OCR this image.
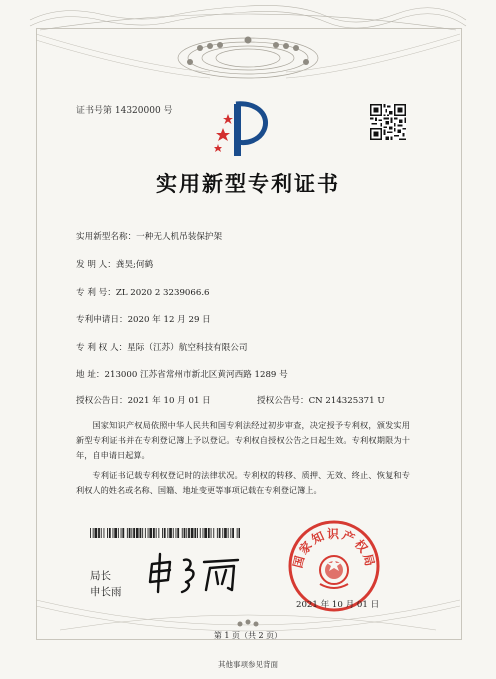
证书号第 14320000 号
实用新型专利证书
实用新型名称：一种无人机吊装保护架
发 明 人：龚昊;何鹤
专 利 号：ZL 2020 2 3239066.6
专利申请日：2020 年 12 月 29 日
专 利 权 人：星际（江苏）航空科技有限公司
地 址：213000 江苏省常州市新北区黄河西路 1289 号
授权公告日：2021 年 10 月 01 日	授权公告号：CN 214325371 U

国家知识产权局依照中华人民共和国专利法经过初步审查，决定授予专利权，颁发实用新型专利证书并在专利登记簿上予以登记。专利权自授权公告之日起生效。专利权期限为十年，自申请日起算。

专利证书记载专利权登记时的法律状况。专利权的转移、质押、无效、终止、恢复和专利权人的姓名或名称、国籍、地址变更等事项记载在专利登记簿上。

局长
申长雨
国家知识产权局
2021 年 10 月 01 日
第 1 页（共 2 页）
其他事项参见背面
